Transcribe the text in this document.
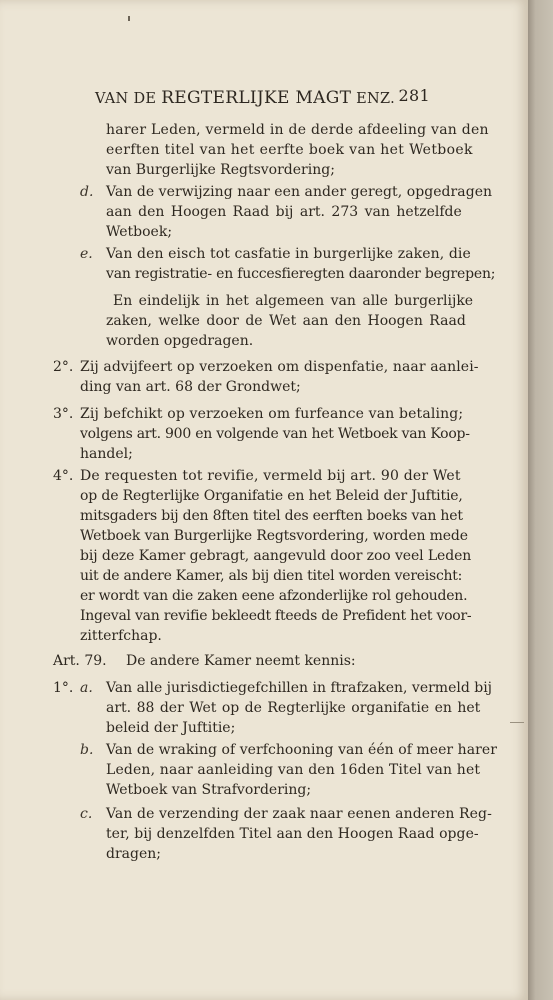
VAN DE REGTERLIJKE MAGT ENZ. 281
harer Leden, vermeld in de derde afdeeling van den
eerften titel van het eerfte boek van het Wetboek
van Burgerlijke Regtsvordering;
d. Van de verwijzing naar een ander geregt, opgedragen
aan den Hoogen Raad bij art. 273 van hetzelfde
Wetboek;
e. Van den eisch tot casfatie in burgerlijke zaken, die
van registratie- en fuccesfieregten daaronder begrepen;
En eindelijk in het algemeen van alle burgerlijke
zaken, welke door de Wet aan den Hoogen Raad
worden opgedragen.
2°. Zij advijfeert op verzoeken om dispenfatie, naar aanlei-
ding van art. 68 der Grondwet;
3°. Zij befchikt op verzoeken om furfeance van betaling;
volgens art. 900 en volgende van het Wetboek van Koop-
handel;
4°. De requesten tot revifie, vermeld bij art. 90 der Wet
op de Regterlijke Organifatie en het Beleid der Juftitie,
mitsgaders bij den 8ften titel des eerften boeks van het
Wetboek van Burgerlijke Regtsvordering, worden mede
bij deze Kamer gebragt, aangevuld door zoo veel Leden
uit de andere Kamer, als bij dien titel worden vereischt:
er wordt van die zaken eene afzonderlijke rol gehouden.
Ingeval van revifie bekleedt fteeds de Prefident het voor-
zitterfchap.
Art. 79. De andere Kamer neemt kennis:
1°. a. Van alle jurisdictiegefchillen in ftrafzaken, vermeld bij
art. 88 der Wet op de Regterlijke organifatie en het
beleid der Juftitie;
b. Van de wraking of verfchooning van één of meer harer
Leden, naar aanleiding van den 16den Titel van het
Wetboek van Strafvordering;
c. Van de verzending der zaak naar eenen anderen Reg-
ter, bij denzelfden Titel aan den Hoogen Raad opge-
dragen;
